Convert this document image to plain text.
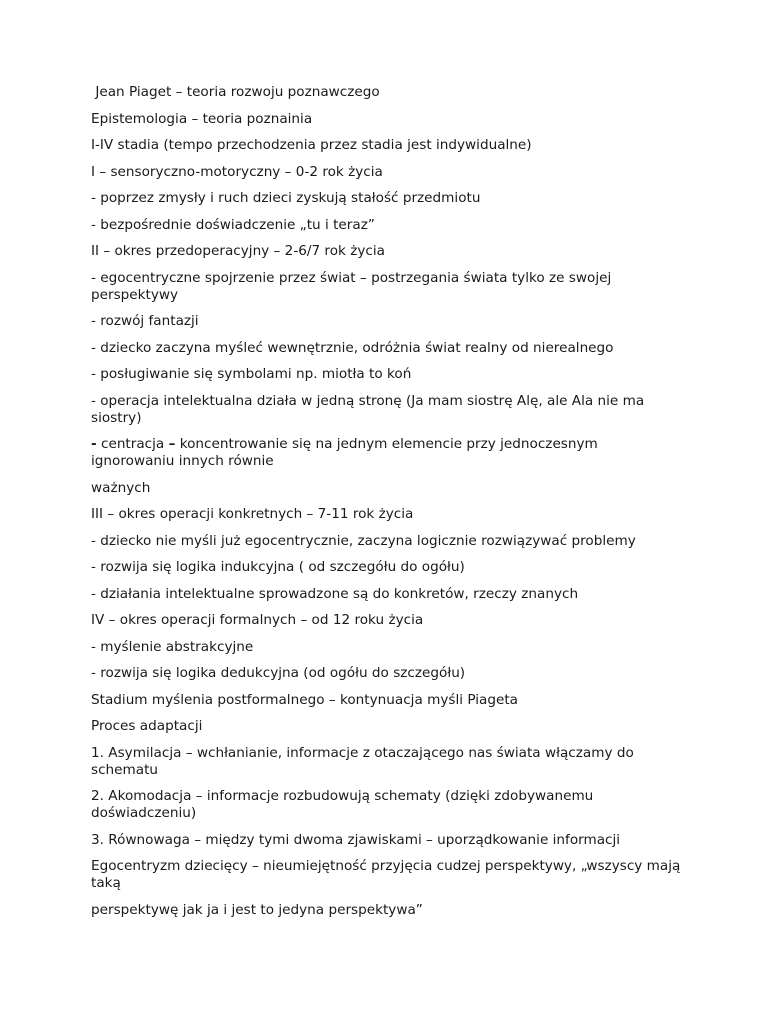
Jean Piaget – teoria rozwoju poznawczego

Epistemologia – teoria poznainia

I-IV stadia (tempo przechodzenia przez stadia jest indywidualne)

I – sensoryczno-motoryczny – 0-2 rok życia

- poprzez zmysły i ruch dzieci zyskują stałość przedmiotu

- bezpośrednie doświadczenie „tu i teraz”

II – okres przedoperacyjny – 2-6/7 rok życia

- egocentryczne spojrzenie przez świat – postrzegania świata tylko ze swojej perspektywy

- rozwój fantazji

- dziecko zaczyna myśleć wewnętrznie, odróżnia świat realny od nierealnego

- posługiwanie się symbolami np. miotła to koń

- operacja intelektualna działa w jedną stronę (Ja mam siostrę Alę, ale Ala nie ma siostry)

- centracja – koncentrowanie się na jednym elemencie przy jednoczesnym ignorowaniu innych równie

ważnych

III – okres operacji konkretnych – 7-11 rok życia

- dziecko nie myśli już egocentrycznie, zaczyna logicznie rozwiązywać problemy

- rozwija się logika indukcyjna ( od szczegółu do ogółu)

- działania intelektualne sprowadzone są do konkretów, rzeczy znanych

IV – okres operacji formalnych – od 12 roku życia

- myślenie abstrakcyjne

- rozwija się logika dedukcyjna (od ogółu do szczegółu)

Stadium myślenia postformalnego – kontynuacja myśli Piageta

Proces adaptacji

1. Asymilacja – wchłanianie, informacje z otaczającego nas świata włączamy do schematu

2. Akomodacja – informacje rozbudowują schematy (dzięki zdobywanemu doświadczeniu)

3. Równowaga – między tymi dwoma zjawiskami – uporządkowanie informacji

Egocentryzm dziecięcy – nieumiejętność przyjęcia cudzej perspektywy, „wszyscy mają taką

perspektywę jak ja i jest to jedyna perspektywa”
